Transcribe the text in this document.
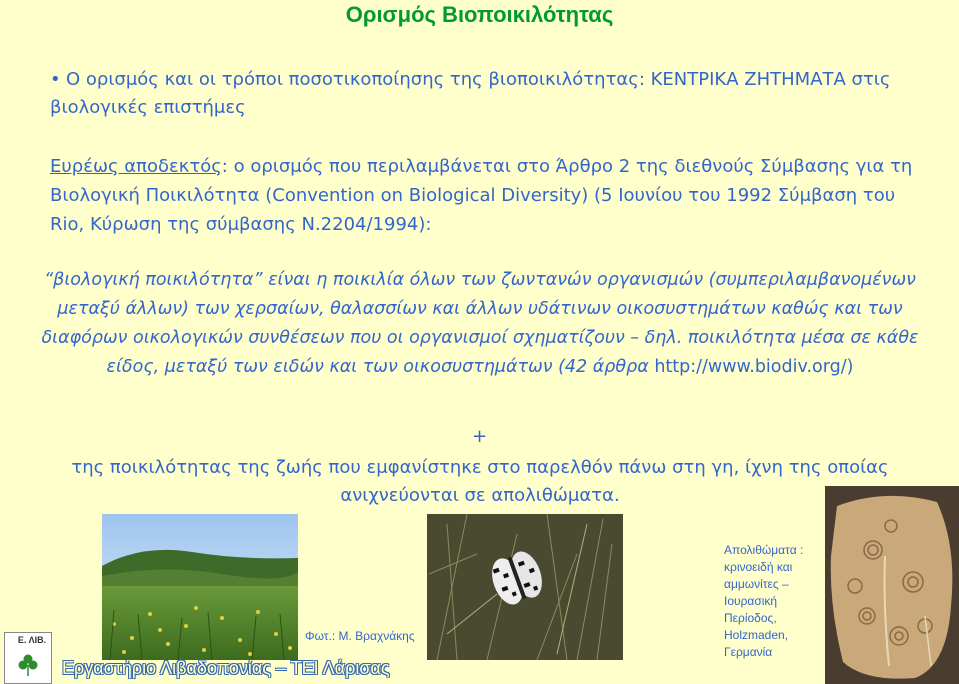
Ορισμός Βιοποικιλότητας
• Ο ορισμός και οι τρόποι ποσοτικοποίησης της βιοποικιλότητας: ΚΕΝΤΡΙΚΑ ΖΗΤΗΜΑΤΑ στις βιολογικές επιστήμες
Ευρέως αποδεκτός: ο ορισμός που περιλαμβάνεται στο Άρθρο 2 της διεθνούς Σύμβασης για τη Βιολογική Ποικιλότητα (Convention on Biological Diversity) (5 Ιουνίου του 1992 Σύμβαση του Rio, Κύρωση της σύμβασης Ν.2204/1994):
“βιολογική ποικιλότητα” είναι η ποικιλία όλων των ζωντανών οργανισμών (συμπεριλαμβανομένων μεταξύ άλλων) των χερσαίων, θαλασσίων και άλλων υδάτινων οικοσυστημάτων καθώς και των διαφόρων οικολογικών συνθέσεων που οι οργανισμοί σχηματίζουν – δηλ. ποικιλότητα μέσα σε κάθε είδος, μεταξύ των ειδών και των οικοσυστημάτων (42 άρθρα http://www.biodiv.org/)
+
της ποικιλότητας της ζωής που εμφανίστηκε στο παρελθόν πάνω στη γη, ίχνη της οποίας ανιχνεύονται σε απολιθώματα.
Φωτ.: Μ. Βραχνάκης
Απολιθώματα : κρινοειδή και αμμωνίτες – Ιουρασική Περίοδος, Holzmaden, Γερμανία
Ε. ΛΙΒ.
Εργαστήριο Λιβαδοπονίας – ΤΕΙ Λάρισας
